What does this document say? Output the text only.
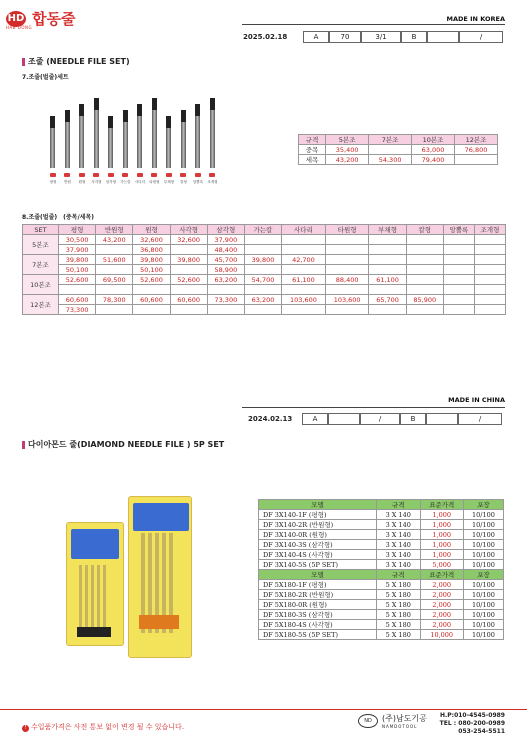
HD 합동줄
HAB DONG
MADE IN KOREA
2025.02.18	A	70	3/1	B	/
조줄 (NEEDLE FILE SET)
7.조줄(벌줄)세트
평형	반원	원형	사각형	삼각형	가는칼	사다리	타원형	부채형	칼형	앙뽈록	조개형
규격	5본조	7본조	10본조	12본조
중목	35,400		63,000	76,800
세목	43,200	54,300	79,400	
8.조줄(벌줄)　(중목/세목)
SET	평형	반원형	원형	사각형	삼각형	가는칼	사다리	타원형	부채형	칼형	앙뽈록	조개형
5본조	30,500	43,200	32,600	32,600	37,900							
	37,900		36,800		48,400							
7본조	39,800	51,600	39,800	39,800	45,700	39,800	42,700					
	50,100		50,100		58,900							
10본조	52,600	69,500	52,600	52,600	63,200	54,700	61,100	88,400	61,100			

12본조	60,600	78,300	60,600	60,600	73,300	63,200	103,600	103,600	65,700	85,900		
	73,300											
MADE IN CHINA
2024.02.13	A	/	B	/
다이아몬드 줄(DIAMOND NEEDLE FILE ) 5P SET
모델	규격	표준가격	포장
DF 3X140-1F (평형)	3 X 140	1,000	10/100
DF 3X140-2R (반원형)	3 X 140	1,000	10/100
DF 3X140-0R (원형)	3 X 140	1,000	10/100
DF 3X140-3S (삼각형)	3 X 140	1,000	10/100
DF 3X140-4S (사각형)	3 X 140	1,000	10/100
DF 3X140-5S (5P SET)	3 X 140	5,000	10/100
모델	규격	표준가격	포장
DF 5X180-1F (평형)	5 X 180	2,000	10/100
DF 5X180-2R (반원형)	5 X 180	2,000	10/100
DF 5X180-0R (원형)	5 X 180	2,000	10/100
DF 5X180-3S (삼각형)	5 X 180	2,000	10/100
DF 5X180-4S (사각형)	5 X 180	2,000	10/100
DF 5X180-5S (5P SET)	5 X 180	10,000	10/100
! 수입품가격은 사전 통보 없이 변경 될 수 있습니다.
ND	(주)남도기공
NAMDOTOOL
H.P:010-4545-0989
TEL : 080-200-0989
053-254-5511
